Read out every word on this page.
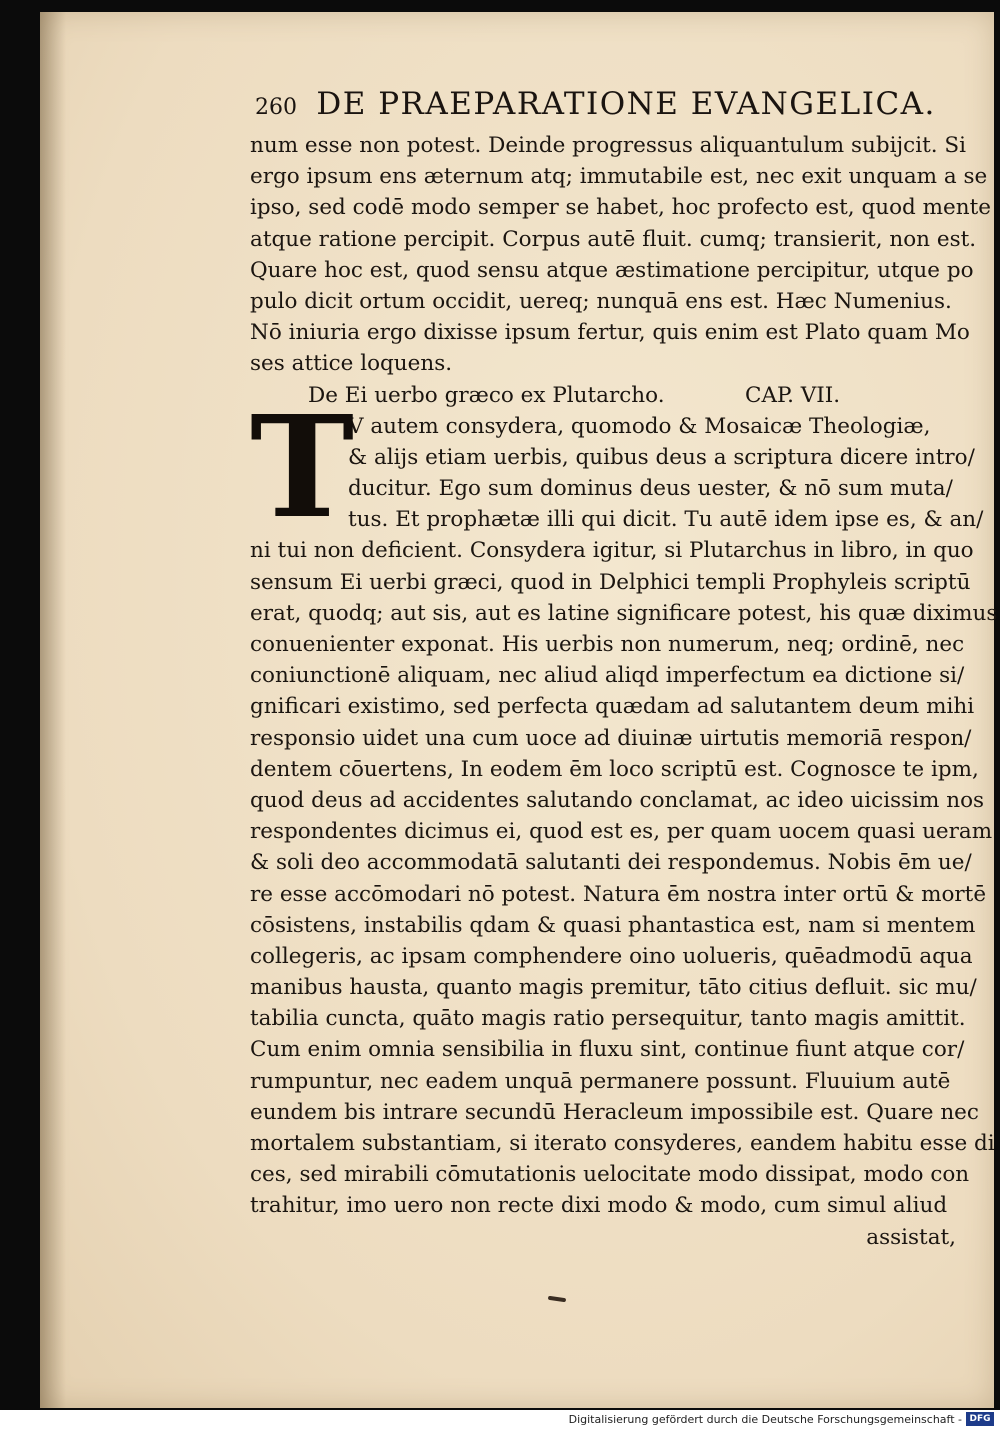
260 DE PRAEPARATIONE EVANGELICA.
num esse non potest. Deinde progressus aliquantulum subijcit. Si
ergo ipsum ens æternum atq; immutabile est, nec exit unquam a se
ipso, sed codē modo semper se habet, hoc profecto est, quod mente
atque ratione percipit. Corpus autē fluit. cumq; transierit, non est.
Quare hoc est, quod sensu atque æstimatione percipitur, utque po
pulo dicit ortum occidit, uereq; nunquā ens est. Hæc Numenius.
Nō iniuria ergo dixisse ipsum fertur, quis enim est Plato quam Mo
ses attice loquens.
De Ei uerbo græco ex Plutarcho.	CAP. VII.
T
V autem consydera, quomodo & Mosaicæ Theologiæ,
& alijs etiam uerbis, quibus deus a scriptura dicere intro/
ducitur. Ego sum dominus deus uester, & nō sum muta/
tus. Et prophætæ illi qui dicit. Tu autē idem ipse es, & an/
ni tui non deficient. Consydera igitur, si Plutarchus in libro, in quo
sensum Ei uerbi græci, quod in Delphici templi Prophyleis scriptū
erat, quodq; aut sis, aut es latine significare potest, his quæ diximus
conuenienter exponat. His uerbis non numerum, neq; ordinē, nec
coniunctionē aliquam, nec aliud aliqd imperfectum ea dictione si/
gnificari existimo, sed perfecta quædam ad salutantem deum mihi
responsio uidet una cum uoce ad diuinæ uirtutis memoriā respon/
dentem cōuertens, In eodem ēm loco scriptū est. Cognosce te ipm,
quod deus ad accidentes salutando conclamat, ac ideo uicissim nos
respondentes dicimus ei, quod est es, per quam uocem quasi ueram
& soli deo accommodatā salutanti dei respondemus. Nobis ēm ue/
re esse accōmodari nō potest. Natura ēm nostra inter ortū & mortē
cōsistens, instabilis qdam & quasi phantastica est, nam si mentem
collegeris, ac ipsam comphendere oino uolueris, quēadmodū aqua
manibus hausta, quanto magis premitur, tāto citius defluit. sic mu/
tabilia cuncta, quāto magis ratio persequitur, tanto magis amittit.
Cum enim omnia sensibilia in fluxu sint, continue fiunt atque cor/
rumpuntur, nec eadem unquā permanere possunt. Fluuium autē
eundem bis intrare secundū Heracleum impossibile est. Quare nec
mortalem substantiam, si iterato consyderes, eandem habitu esse di
ces, sed mirabili cōmutationis uelocitate modo dissipat, modo con
trahitur, imo uero non recte dixi modo & modo, cum simul aliud
assistat,
Digitalisierung gefördert durch die Deutsche Forschungsgemeinschaft - DFG
